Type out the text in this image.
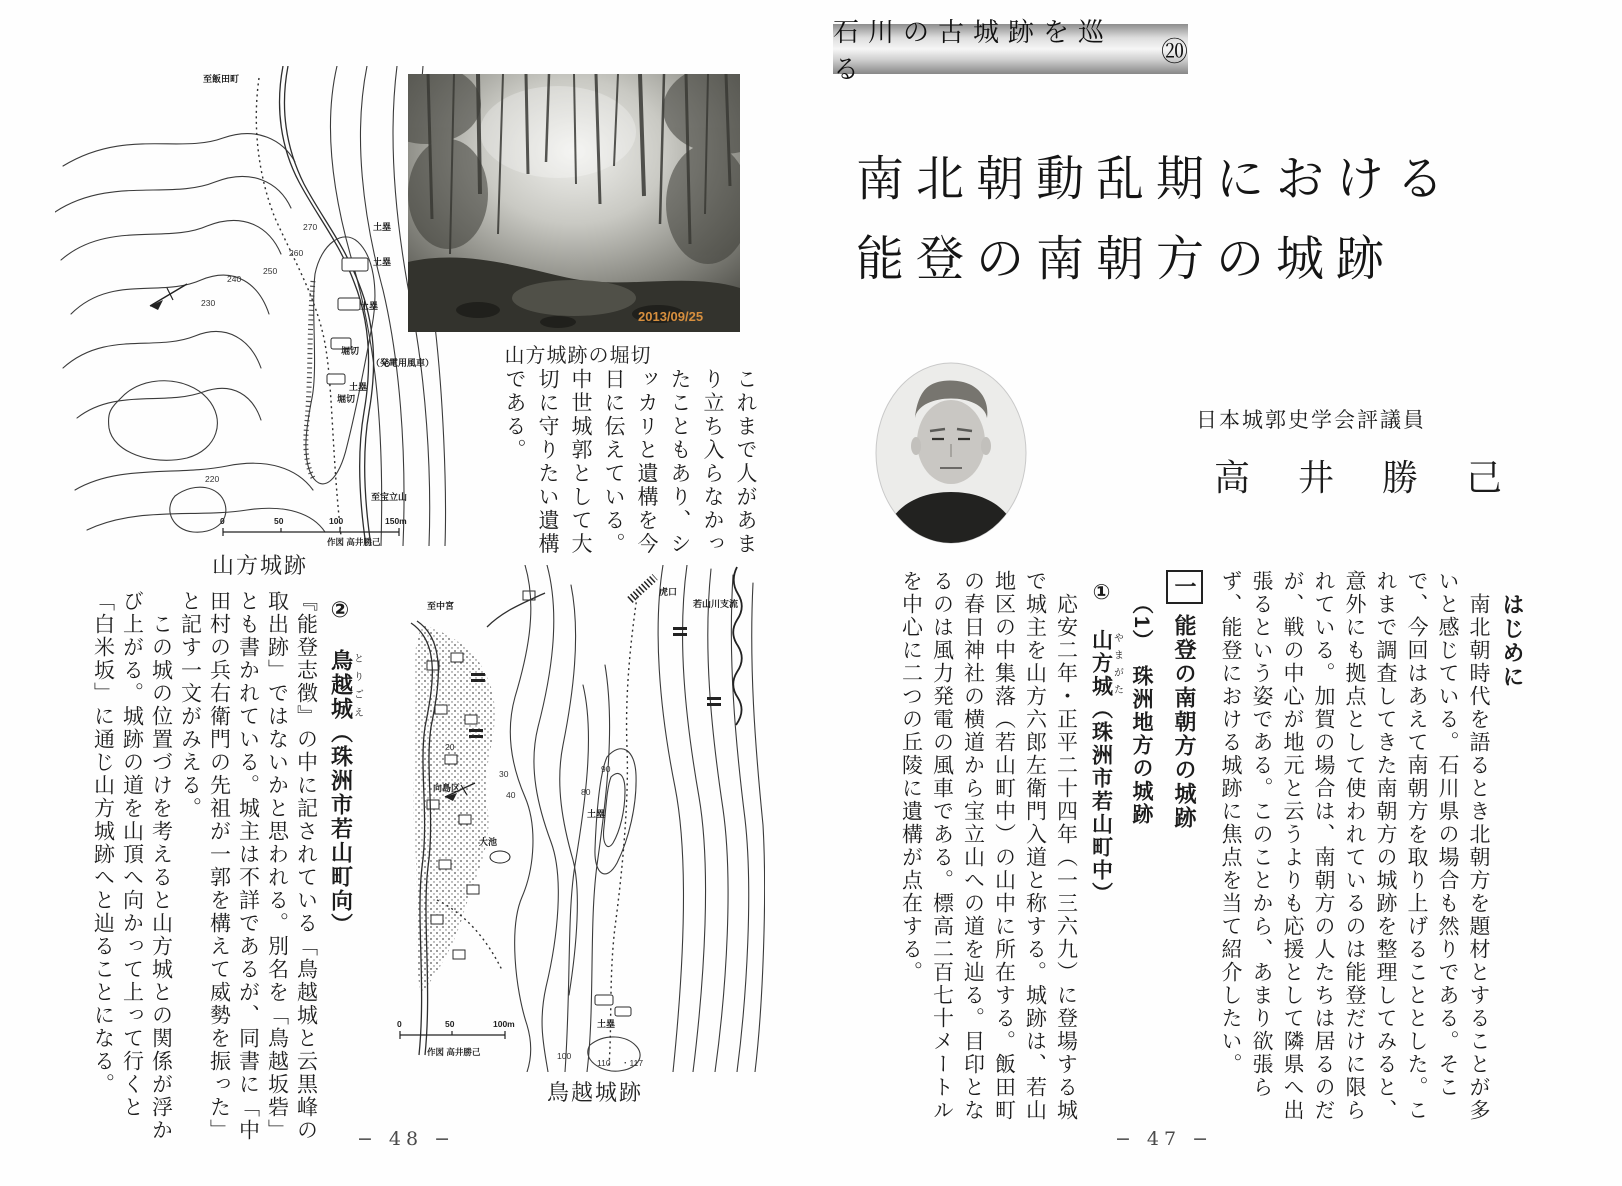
至飯田町
土塁
土塁
土塁
土塁
堀切
堀切
220
230
240
250
260
270
（発電用風車）
至宝立山
0	50	100	150m
作図 高井勝己
山方城跡
2013/09/25
山方城跡の堀切

これまで人があまり立ち入らなかったこともあり、シッカリと遺構を今日に伝えている。中世城郭として大切に守りたい遺構である。

至中宮
向島区
虎口
土塁
土塁
大池
若山川支流
20
30
40	80
90
100
110 ・117
0	50	100m
作図 高井勝己
鳥越城跡
②　鳥越城とりごえ（珠洲市若山町向）

『能登志徴』の中に記されている「鳥越城と云黒峰の取出跡」ではないかと思われる。別名を「鳥越坂砦」とも書かれている。城主は不詳であるが、同書に「中田村の兵右衛門の先祖が一郭を構えて威勢を振った」と記す一文がみえる。

　この城の位置づけを考えると山方城との関係が浮かび上がる。城跡の道を山頂へ向かって上って行くと「白米坂」に通じ山方城跡へと辿ることになる。

− 48 −
石川の古城跡を巡る
⑳
南北朝動乱期における
能登の南朝方の城跡
日本城郭史学会評議員
高　井　勝　己
はじめに

　南北朝時代を語るとき北朝方を題材とすることが多いと感じている。石川県の場合も然りである。そこで、今回はあえて南朝方を取り上げることとした。これまで調査してきた南朝方の城跡を整理してみると、意外にも拠点として使われているのは能登だけに限られている。加賀の場合は、南朝方の人たちは居るのだが、戦の中心が地元と云うよりも応援として隣県へ出張るという姿である。このことから、あまり欲張らず、能登における城跡に焦点を当て紹介したい。

一能登の南朝方の城跡
（1）　珠洲地方の城跡
①　山方城 やまがた（珠洲市若山町中）

　応安二年・正平二十四年（一三六九）に登場する城で城主を山方六郎左衛門入道と称する。城跡は、若山地区の中集落（若山町中）の山中に所在する。飯田町の春日神社の横道から宝立山への道を辿る。目印となるのは風力発電の風車である。標高二百七十メートルを中心に二つの丘陵に遺構が点在する。

− 47 −
